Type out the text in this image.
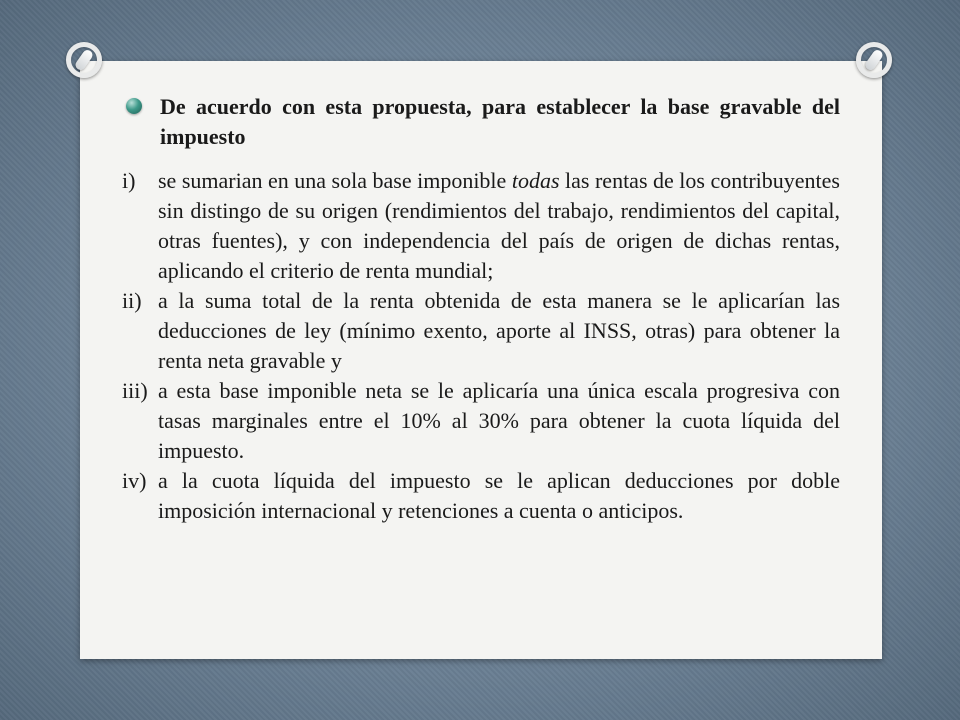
De acuerdo con esta propuesta, para establecer la base gravable del impuesto

i) se sumarian en una sola base imponible todas las rentas de los contribuyentes sin distingo de su origen (rendimientos del trabajo, rendimientos del capital, otras fuentes), y con independencia del país de origen de dichas rentas, aplicando el criterio de renta mundial;

ii) a la suma total de la renta obtenida de esta manera se le aplicarían las deducciones de ley (mínimo exento, aporte al INSS, otras) para obtener la renta neta gravable y

iii) a esta base imponible neta se le aplicaría una única escala progresiva con tasas marginales entre el 10% al 30% para obtener la cuota líquida del impuesto.

iv) a la cuota líquida del impuesto se le aplican deducciones por doble imposición internacional y retenciones a cuenta o anticipos.
